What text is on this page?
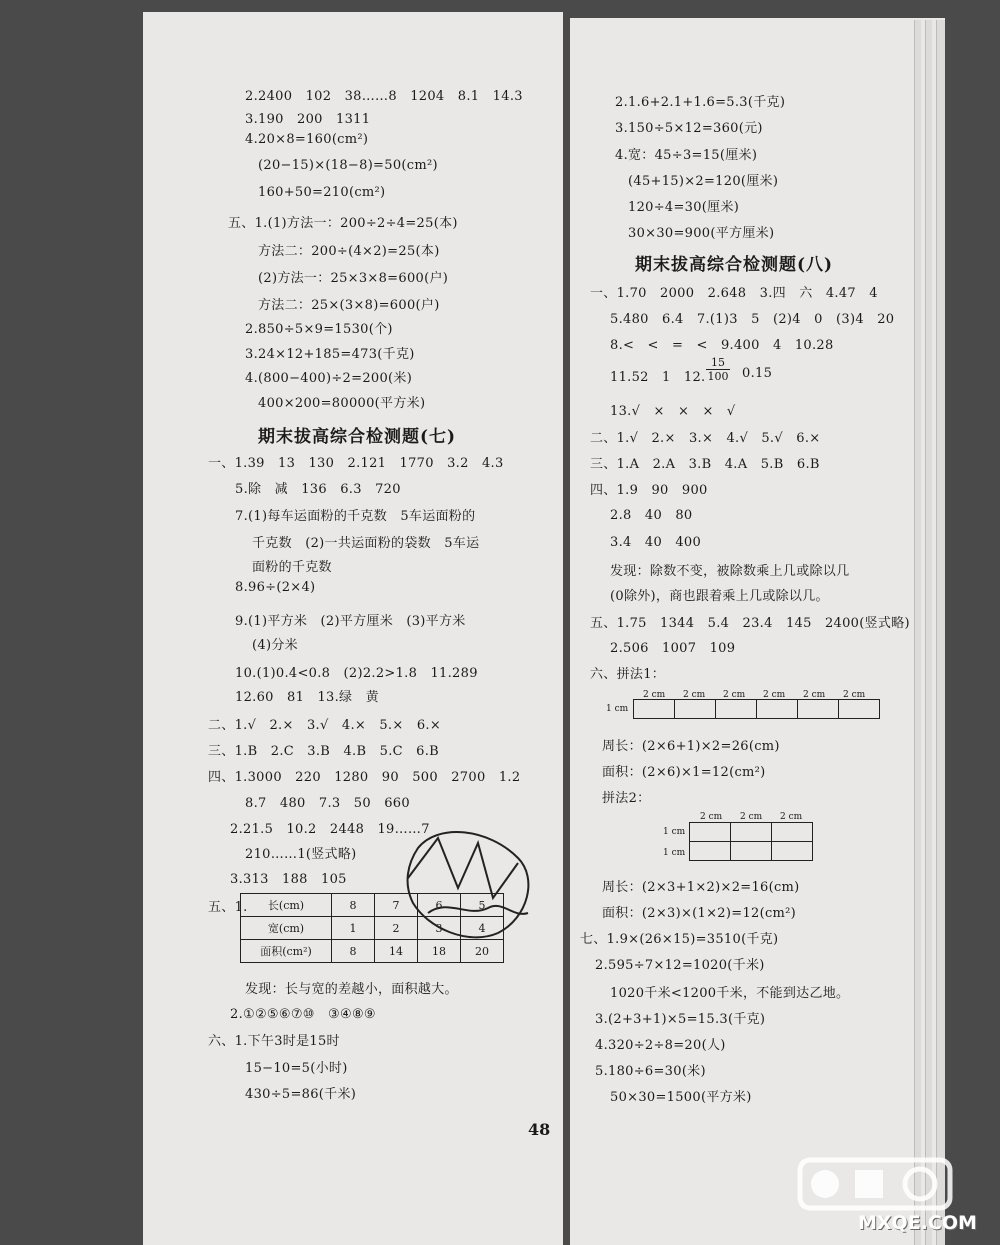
2.2400　102　38……8　1204　8.1　14.3
3.190　200　1311
4.20×8=160(cm²)
(20−15)×(18−8)=50(cm²)
160+50=210(cm²)
五、1.(1)方法一：200÷2÷4=25(本)
方法二：200÷(4×2)=25(本)
(2)方法一：25×3×8=600(户)
方法二：25×(3×8)=600(户)
2.850÷5×9=1530(个)
3.24×12+185=473(千克)
4.(800−400)÷2=200(米)
400×200=80000(平方米)
期末拔高综合检测题(七)
一、1.39　13　130　2.121　1770　3.2　4.3
5.除　减　136　6.3　720
7.(1)每车运面粉的千克数　5车运面粉的
千克数　(2)一共运面粉的袋数　5车运
面粉的千克数
8.96÷(2×4)
9.(1)平方米　(2)平方厘米　(3)平方米
(4)分米
10.(1)0.4<0.8　(2)2.2>1.8　11.289
12.60　81　13.绿　黄
二、1.√　2.×　3.√　4.×　5.×　6.×
三、1.B　2.C　3.B　4.B　5.C　6.B
四、1.3000　220　1280　90　500　2700　1.2
8.7　480　7.3　50　660
2.21.5　10.2　2448　19……7
210……1(竖式略)
3.313　188　105
五、1. 长(cm)	8	7	6	5
宽(cm)	1	2	3	4
面积(cm²)	8	14	18	20
发现：长与宽的差越小，面积越大。
2.①②⑤⑥⑦⑩　③④⑧⑨
六、1.下午3时是15时
15−10=5(小时)
430÷5=86(千米)
48
2.1.6+2.1+1.6=5.3(千克)
3.150÷5×12=360(元)
4.宽：45÷3=15(厘米)
(45+15)×2=120(厘米)
120÷4=30(厘米)
30×30=900(平方厘米)
期末拔高综合检测题(八)
一、1.70　2000　2.648　3.四　六　4.47　4
5.480　6.4　7.(1)3　5　(2)4　0　(3)4　20
8.<　<　=　<　9.400　4　10.28
11.52　1　12. $\frac{15}{100} 0.15$
13.√　×　×　×　√
二、1.√　2.×　3.×　4.√　5.√　6.×
三、1.A　2.A　3.B　4.A　5.B　6.B
四、1.9　90　900
2.8　40　80
3.4　40　400
发现：除数不变，被除数乘上几或除以几
(0除外)，商也跟着乘上几或除以几。
五、1.75　1344　5.4　23.4　145　2400(竖式略)
2.506　1007　109
六、拼法1：
2 cm 2 cm 2 cm 2 cm 2 cm 2 cm
1 cm
周长：(2×6+1)×2=26(cm)
面积：(2×6)×1=12(cm²)
拼法2：
2 cm 2 cm 2 cm
1 cm
1 cm
周长：(2×3+1×2)×2=16(cm)
面积：(2×3)×(1×2)=12(cm²)
七、1.9×(26×15)=3510(千克)
2.595÷7×12=1020(千米)
1020千米<1200千米，不能到达乙地。
3.(2+3+1)×5=15.3(千克)
4.320÷2÷8=20(人)
5.180÷6=30(米)
50×30=1500(平方米)
MXQE.COM
